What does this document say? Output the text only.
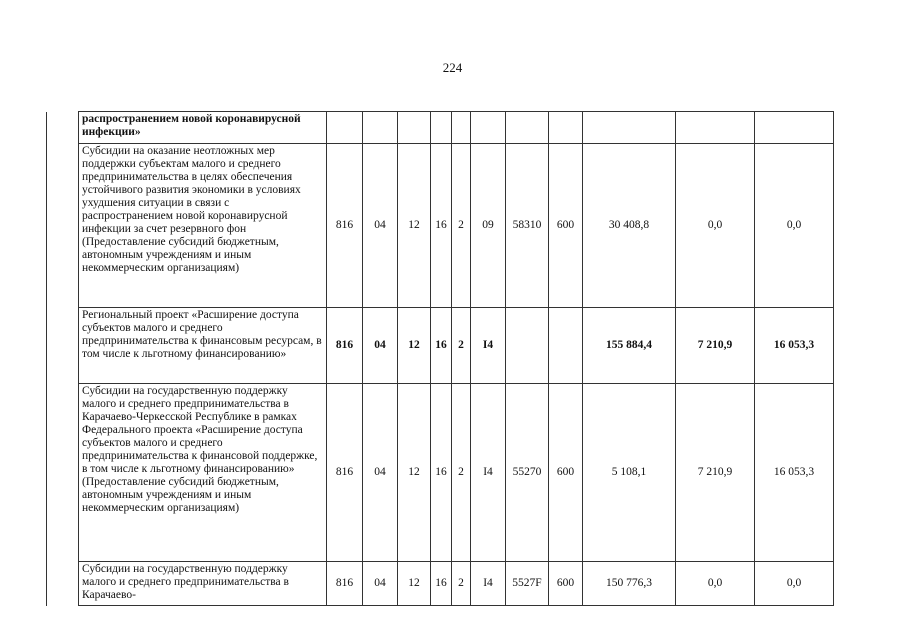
224
	распространением новой коронавирусной инфекции»											
	Субсидии на оказание неотложных мер поддержки субъектам малого и среднего предпринимательства в целях обеспечения устойчивого развития экономики в условиях ухудшения ситуации в связи с распространением новой коронавирусной инфекции за счет резервного фон (Предоставление субсидий бюджетным, автономным учреждениям и иным некоммерческим организациям)	816	04	12	16	2	09	58310	600	30 408,8	0,0	0,0
	Региональный проект «Расширение доступа субъектов малого и среднего предпринимательства к финансовым ресурсам, в том числе к льготному финансированию»	816	04	12	16	2	I4			155 884,4	7 210,9	16 053,3
	Субсидии на государственную поддержку малого и среднего предпринимательства в Карачаево-Черкесской Республике в рамках Федерального проекта «Расширение доступа субъектов малого и среднего предпринимательства к финансовой поддержке, в том числе к льготному финансированию» (Предоставление субсидий бюджетным, автономным учреждениям и иным некоммерческим организациям)	816	04	12	16	2	I4	55270	600	5 108,1	7 210,9	16 053,3
	Субсидии на государственную поддержку малого и среднего предпринимательства в Карачаево-	816	04	12	16	2	I4	5527F	600	150 776,3	0,0	0,0
